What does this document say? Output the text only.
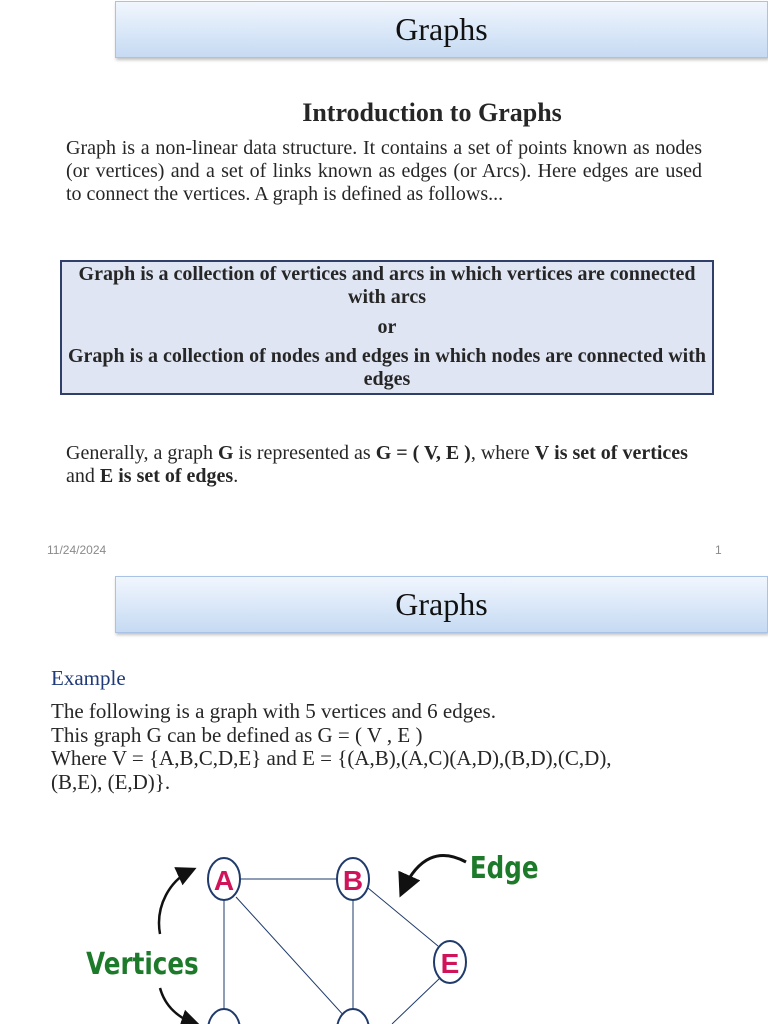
Graphs
Introduction to Graphs
Graph is a non-linear data structure. It contains a set of points known as nodes (or vertices) and a set of links known as edges (or Arcs). Here edges are used to connect the vertices. A graph is defined as follows...
Graph is a collection of vertices and arcs in which vertices are connected with arcs
or
Graph is a collection of nodes and edges in which nodes are connected with edges
Generally, a graph G is represented as G = ( V, E ), where V is set of vertices and E is set of edges.
11/24/2024	1
Graphs
Example
The following is a graph with 5 vertices and 6 edges.
This graph G can be defined as G = ( V , E )
Where V = {A,B,C,D,E} and E = {(A,B),(A,C)(A,D),(B,D),(C,D),
(B,E), (E,D)}.
A	B
E
Edge
Vertices
